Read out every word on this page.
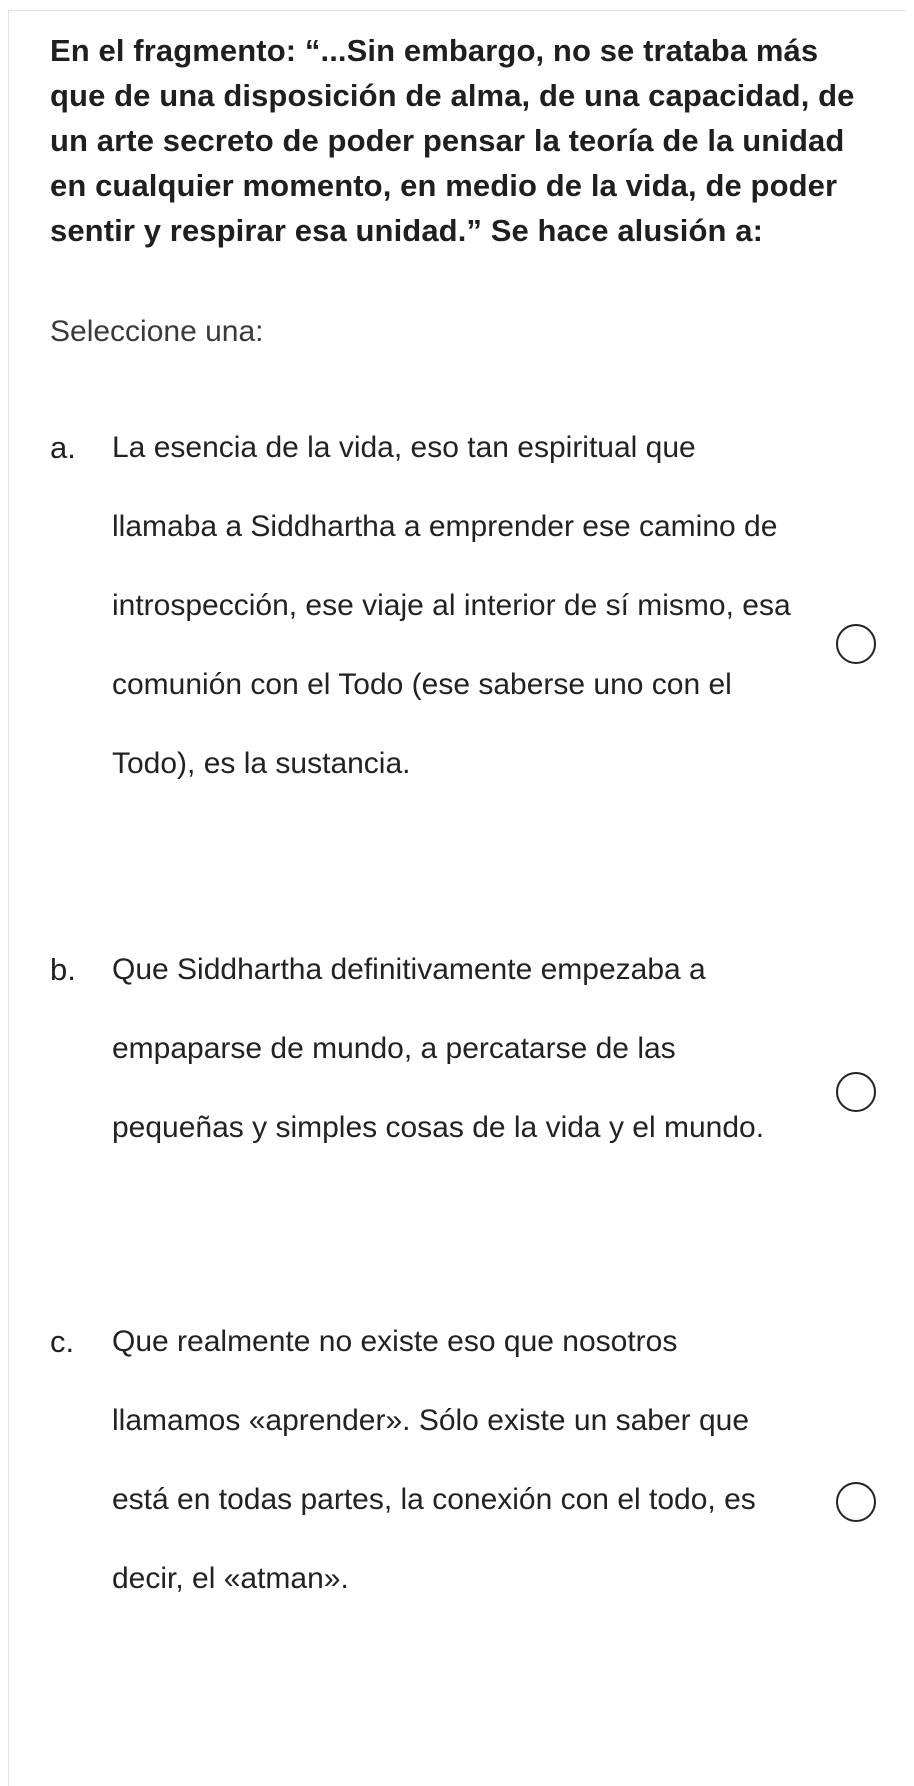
En el fragmento: “...Sin embargo, no se trataba más que de una disposición de alma, de una capacidad, de un arte secreto de poder pensar la teoría de la unidad en cualquier momento, en medio de la vida, de poder sentir y respirar esa unidad.” Se hace alusión a:

Seleccione una:
a. La esencia de la vida, eso tan espiritual que llamaba a Siddhartha a emprender ese camino de introspección, ese viaje al interior de sí mismo, esa comunión con el Todo (ese saberse uno con el Todo), es la sustancia.

b. Que Siddhartha definitivamente empezaba a empaparse de mundo, a percatarse de las pequeñas y simples cosas de la vida y el mundo.

c. Que realmente no existe eso que nosotros llamamos «aprender». Sólo existe un saber que está en todas partes, la conexión con el todo, es decir, el «atman».
